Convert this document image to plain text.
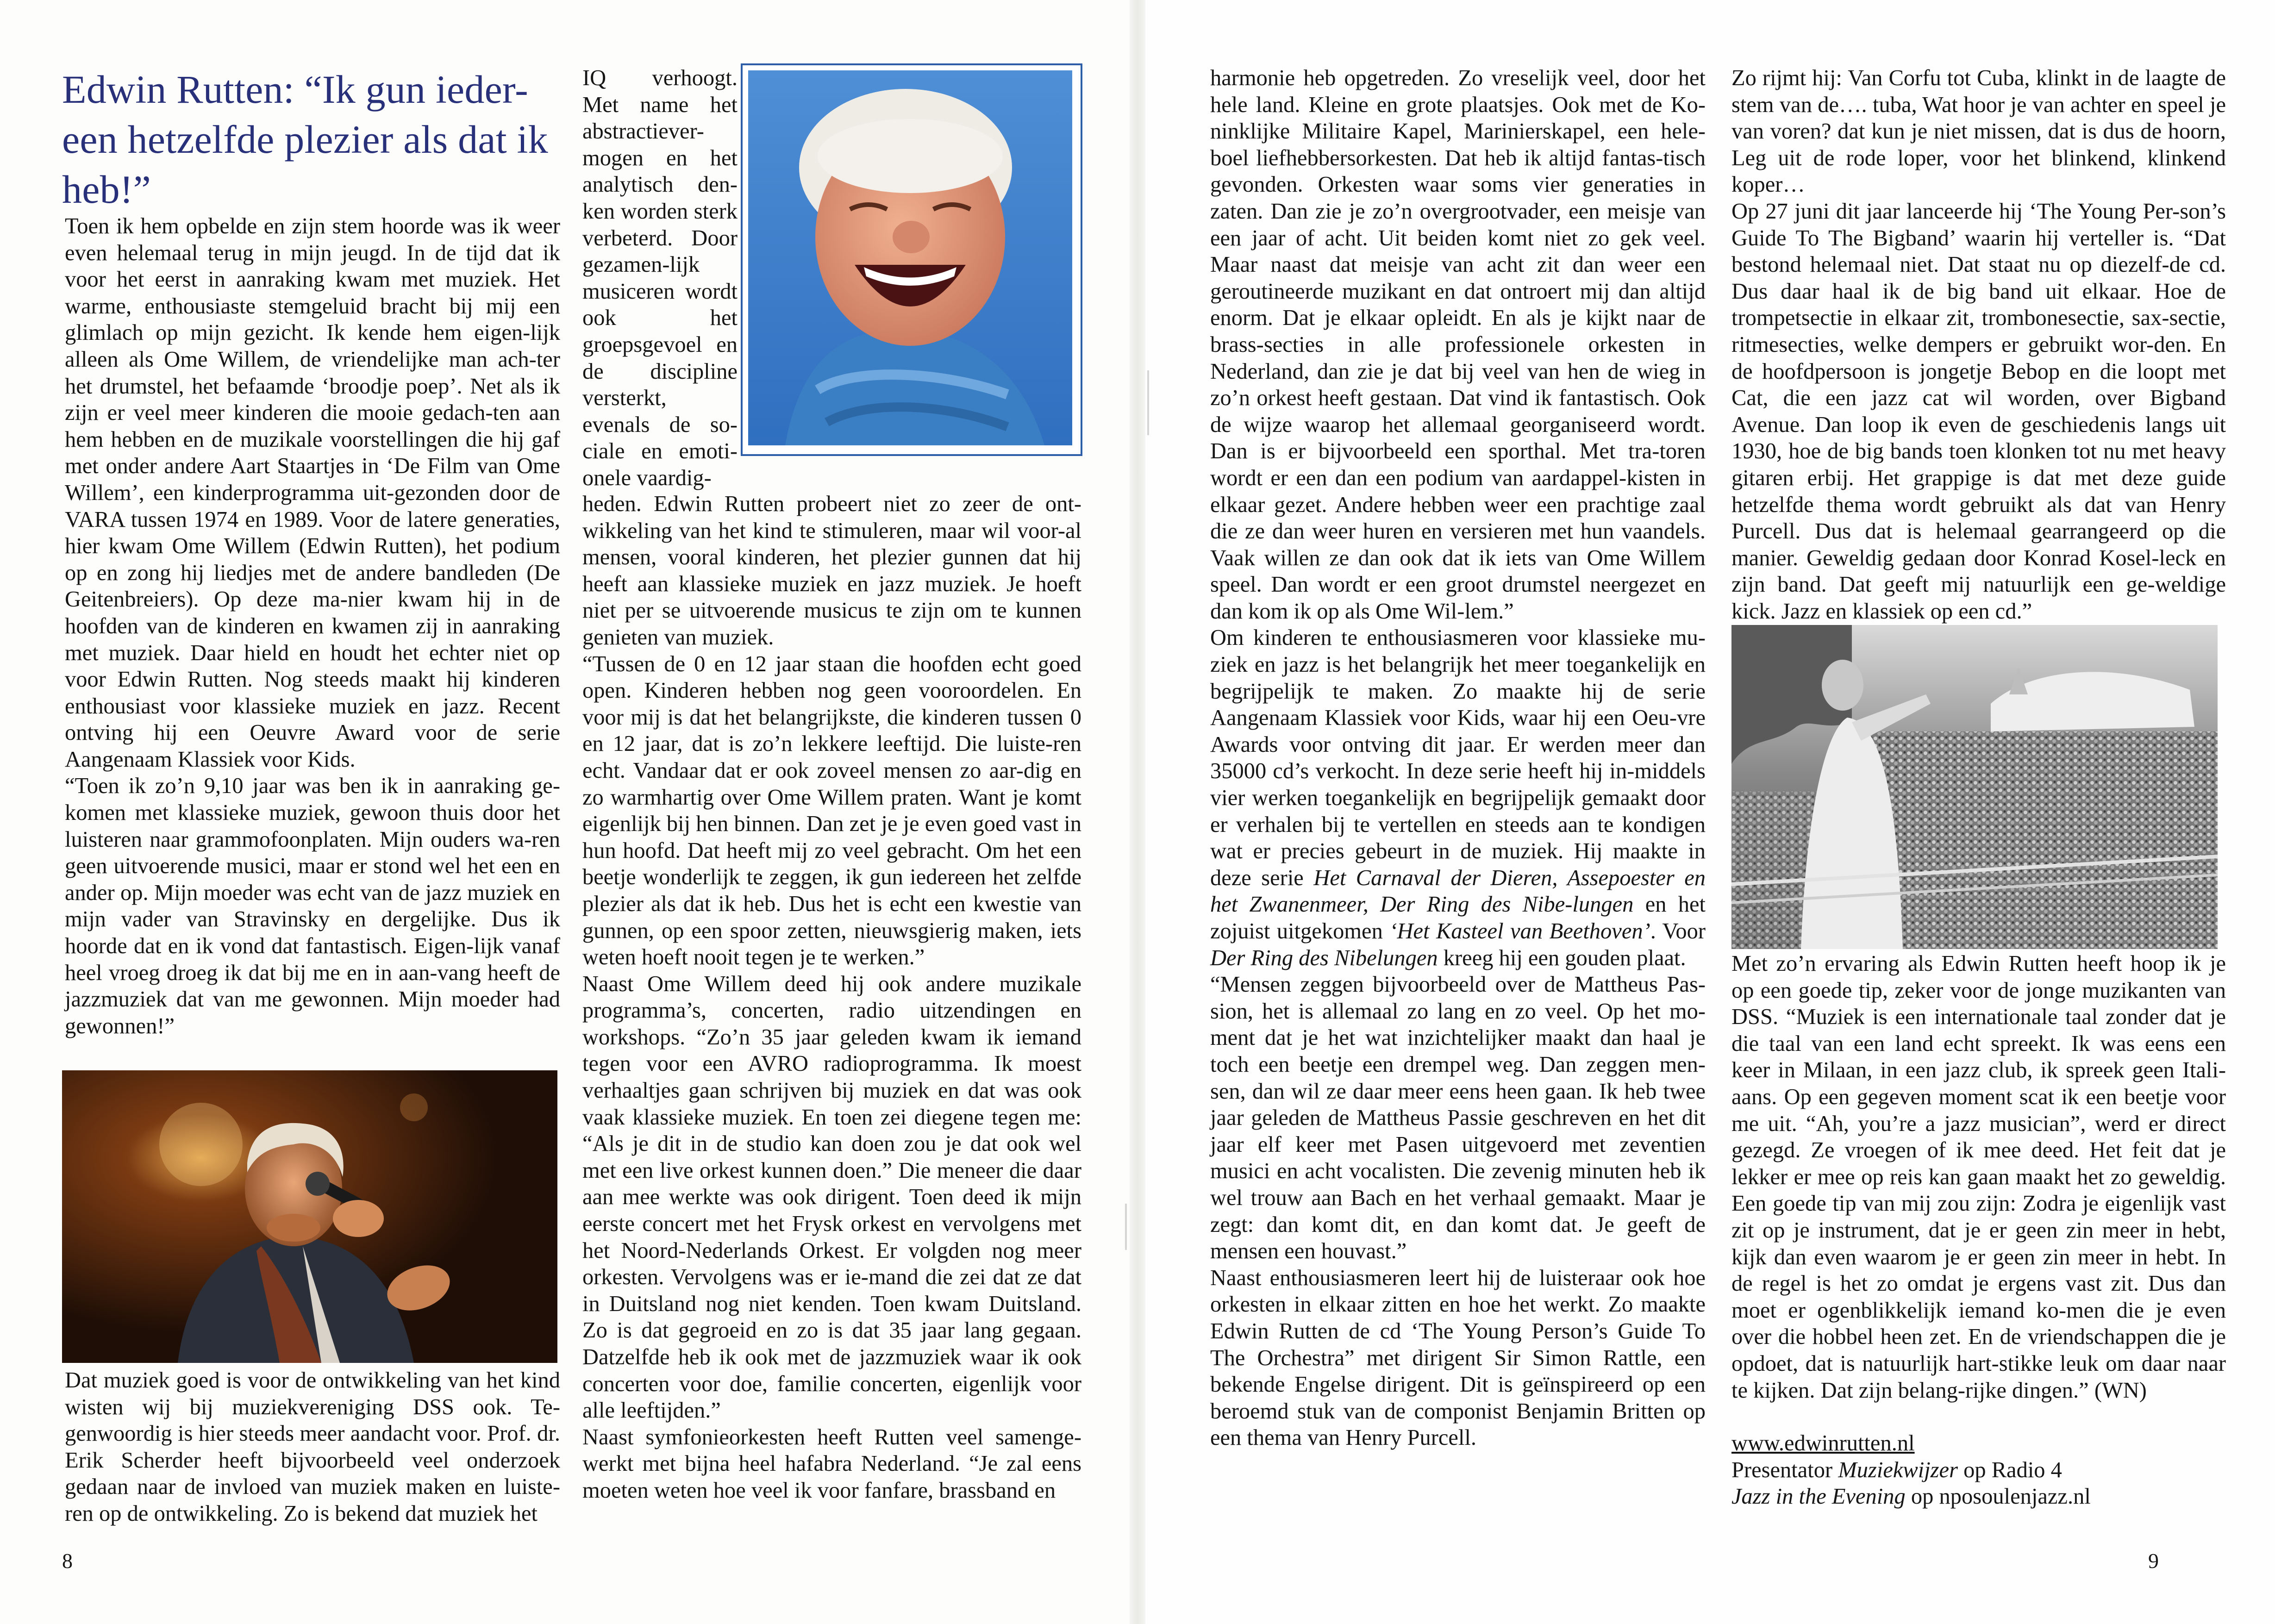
Edwin Rutten: “Ik gun ieder-een hetzelfde plezier als dat ik heb!”

Toen ik hem opbelde en zijn stem hoorde was ik weer even helemaal terug in mijn jeugd. In de tijd dat ik voor het eerst in aanraking kwam met muziek. Het warme, enthousiaste stemgeluid bracht bij mij een glimlach op mijn gezicht. Ik kende hem eigen-lijk alleen als Ome Willem, de vriendelijke man ach-ter het drumstel, het befaamde ‘broodje poep’. Net als ik zijn er veel meer kinderen die mooie gedach-ten aan hem hebben en de muzikale voorstellingen die hij gaf met onder andere Aart Staartjes in ‘De Film van Ome Willem’, een kinderprogramma uit-gezonden door de VARA tussen 1974 en 1989. Voor de latere generaties, hier kwam Ome Willem (Edwin Rutten), het podium op en zong hij liedjes met de andere bandleden (De Geitenbreiers). Op deze ma-nier kwam hij in de hoofden van de kinderen en kwamen zij in aanraking met muziek. Daar hield en houdt het echter niet op voor Edwin Rutten. Nog steeds maakt hij kinderen enthousiast voor klassieke muziek en jazz. Recent ontving hij een Oeuvre Award voor de serie Aangenaam Klassiek voor Kids.

“Toen ik zo’n 9,10 jaar was ben ik in aanraking ge-komen met klassieke muziek, gewoon thuis door het luisteren naar grammofoonplaten. Mijn ouders wa-ren geen uitvoerende musici, maar er stond wel het een en ander op. Mijn moeder was echt van de jazz muziek en mijn vader van Stravinsky en dergelijke. Dus ik hoorde dat en ik vond dat fantastisch. Eigen-lijk vanaf heel vroeg droeg ik dat bij me en in aan-vang heeft de jazzmuziek dat van me gewonnen. Mijn moeder had gewonnen!”

Dat muziek goed is voor de ontwikkeling van het kind wisten wij bij muziekvereniging DSS ook. Te-genwoordig is hier steeds meer aandacht voor. Prof. dr. Erik Scherder heeft bijvoorbeeld veel onderzoek gedaan naar de invloed van muziek maken en luiste-ren op de ontwikkeling. Zo is bekend dat muziek het

IQ verhoogt. Met name het abstractiever-mogen en het analytisch den-ken worden sterk verbeterd. Door gezamen-lijk musiceren wordt ook het groepsgevoel en de discipline versterkt, evenals de so-ciale en emoti-onele vaardig-

heden. Edwin Rutten probeert niet zo zeer de ont-wikkeling van het kind te stimuleren, maar wil voor-al mensen, vooral kinderen, het plezier gunnen dat hij heeft aan klassieke muziek en jazz muziek. Je hoeft niet per se uitvoerende musicus te zijn om te kunnen genieten van muziek.

“Tussen de 0 en 12 jaar staan die hoofden echt goed open. Kinderen hebben nog geen vooroordelen. En voor mij is dat het belangrijkste, die kinderen tussen 0 en 12 jaar, dat is zo’n lekkere leeftijd. Die luiste-ren echt. Vandaar dat er ook zoveel mensen zo aar-dig en zo warmhartig over Ome Willem praten. Want je komt eigenlijk bij hen binnen. Dan zet je je even goed vast in hun hoofd. Dat heeft mij zo veel gebracht. Om het een beetje wonderlijk te zeggen, ik gun iedereen het zelfde plezier als dat ik heb. Dus het is echt een kwestie van gunnen, op een spoor zetten, nieuwsgierig maken, iets weten hoeft nooit tegen je te werken.”

Naast Ome Willem deed hij ook andere muzikale programma’s, concerten, radio uitzendingen en workshops. “Zo’n 35 jaar geleden kwam ik iemand tegen voor een AVRO radioprogramma. Ik moest verhaaltjes gaan schrijven bij muziek en dat was ook vaak klassieke muziek. En toen zei diegene tegen me: “Als je dit in de studio kan doen zou je dat ook wel met een live orkest kunnen doen.” Die meneer die daar aan mee werkte was ook dirigent. Toen deed ik mijn eerste concert met het Frysk orkest en vervolgens met het Noord-Nederlands Orkest. Er volgden nog meer orkesten. Vervolgens was er ie-mand die zei dat ze dat in Duitsland nog niet kenden. Toen kwam Duitsland. Zo is dat gegroeid en zo is dat 35 jaar lang gegaan. Datzelfde heb ik ook met de jazzmuziek waar ik ook concerten voor doe, familie concerten, eigenlijk voor alle leeftijden.”

Naast symfonieorkesten heeft Rutten veel samenge-werkt met bijna heel hafabra Nederland. “Je zal eens moeten weten hoe veel ik voor fanfare, brassband en

8

harmonie heb opgetreden. Zo vreselijk veel, door het hele land. Kleine en grote plaatsjes. Ook met de Ko-ninklijke Militaire Kapel, Marinierskapel, een hele-boel liefhebbersorkesten. Dat heb ik altijd fantas-tisch gevonden. Orkesten waar soms vier generaties in zaten. Dan zie je zo’n overgrootvader, een meisje van een jaar of acht. Uit beiden komt niet zo gek veel. Maar naast dat meisje van acht zit dan weer een geroutineerde muzikant en dat ontroert mij dan altijd enorm. Dat je elkaar opleidt. En als je kijkt naar de brass-secties in alle professionele orkesten in Nederland, dan zie je dat bij veel van hen de wieg in zo’n orkest heeft gestaan. Dat vind ik fantastisch. Ook de wijze waarop het allemaal georganiseerd wordt. Dan is er bijvoorbeeld een sporthal. Met tra-toren wordt er een dan een podium van aardappel-kisten in elkaar gezet. Andere hebben weer een prachtige zaal die ze dan weer huren en versieren met hun vaandels. Vaak willen ze dan ook dat ik iets van Ome Willem speel. Dan wordt er een groot drumstel neergezet en dan kom ik op als Ome Wil-lem.”

Om kinderen te enthousiasmeren voor klassieke mu-ziek en jazz is het belangrijk het meer toegankelijk en begrijpelijk te maken. Zo maakte hij de serie Aangenaam Klassiek voor Kids, waar hij een Oeu-vre Awards voor ontving dit jaar. Er werden meer dan 35000 cd’s verkocht. In deze serie heeft hij in-middels vier werken toegankelijk en begrijpelijk gemaakt door er verhalen bij te vertellen en steeds aan te kondigen wat er precies gebeurt in de muziek. Hij maakte in deze serie Het Carnaval der Dieren, Assepoester en het Zwanenmeer, Der Ring des Nibe-lungen en het zojuist uitgekomen ‘Het Kasteel van Beethoven’. Voor Der Ring des Nibelungen kreeg hij een gouden plaat.

“Mensen zeggen bijvoorbeeld over de Mattheus Pas-sion, het is allemaal zo lang en zo veel. Op het mo-ment dat je het wat inzichtelijker maakt dan haal je toch een beetje een drempel weg. Dan zeggen men-sen, dan wil ze daar meer eens heen gaan. Ik heb twee jaar geleden de Mattheus Passie geschreven en het dit jaar elf keer met Pasen uitgevoerd met zeventien musici en acht vocalisten. Die zevenig minuten heb ik wel trouw aan Bach en het verhaal gemaakt. Maar je zegt: dan komt dit, en dan komt dat. Je geeft de mensen een houvast.”

Naast enthousiasmeren leert hij de luisteraar ook hoe orkesten in elkaar zitten en hoe het werkt. Zo maakte Edwin Rutten de cd ‘The Young Person’s Guide To The Orchestra” met dirigent Sir Simon Rattle, een bekende Engelse dirigent. Dit is geïnspireerd op een beroemd stuk van de componist Benjamin Britten op een thema van Henry Purcell.

Zo rijmt hij: Van Corfu tot Cuba, klinkt in de laagte de stem van de…. tuba, Wat hoor je van achter en speel je van voren? dat kun je niet missen, dat is dus de hoorn, Leg uit de rode loper, voor het blinkend, klinkend koper…

Op 27 juni dit jaar lanceerde hij ‘The Young Per-son’s Guide To The Bigband’ waarin hij verteller is. “Dat bestond helemaal niet. Dat staat nu op diezelf-de cd. Dus daar haal ik de big band uit elkaar. Hoe de trompetsectie in elkaar zit, trombonesectie, sax-sectie, ritmesecties, welke dempers er gebruikt wor-den. En de hoofdpersoon is jongetje Bebop en die loopt met Cat, die een jazz cat wil worden, over Bigband Avenue. Dan loop ik even de geschiedenis langs uit 1930, hoe de big bands toen klonken tot nu met heavy gitaren erbij. Het grappige is dat met deze guide hetzelfde thema wordt gebruikt als dat van Henry Purcell. Dus dat is helemaal gearrangeerd op die manier. Geweldig gedaan door Konrad Kosel-leck en zijn band. Dat geeft mij natuurlijk een ge-weldige kick. Jazz en klassiek op een cd.”

Met zo’n ervaring als Edwin Rutten heeft hoop ik je op een goede tip, zeker voor de jonge muzikanten van DSS. “Muziek is een internationale taal zonder dat je die taal van een land echt spreekt. Ik was eens een keer in Milaan, in een jazz club, ik spreek geen Itali-aans. Op een gegeven moment scat ik een beetje voor me uit. “Ah, you’re a jazz musician”, werd er direct gezegd. Ze vroegen of ik mee deed. Het feit dat je lekker er mee op reis kan gaan maakt het zo geweldig. Een goede tip van mij zou zijn: Zodra je eigenlijk vast zit op je instrument, dat je er geen zin meer in hebt, kijk dan even waarom je er geen zin meer in hebt. In de regel is het zo omdat je ergens vast zit. Dus dan moet er ogenblikkelijk iemand ko-men die je even over die hobbel heen zet. En de vriendschappen die je opdoet, dat is natuurlijk hart-stikke leuk om daar naar te kijken. Dat zijn belang-rijke dingen.” (WN)

www.edwinrutten.nl

Presentator Muziekwijzer op Radio 4

Jazz in the Evening op nposoulenjazz.nl

9
